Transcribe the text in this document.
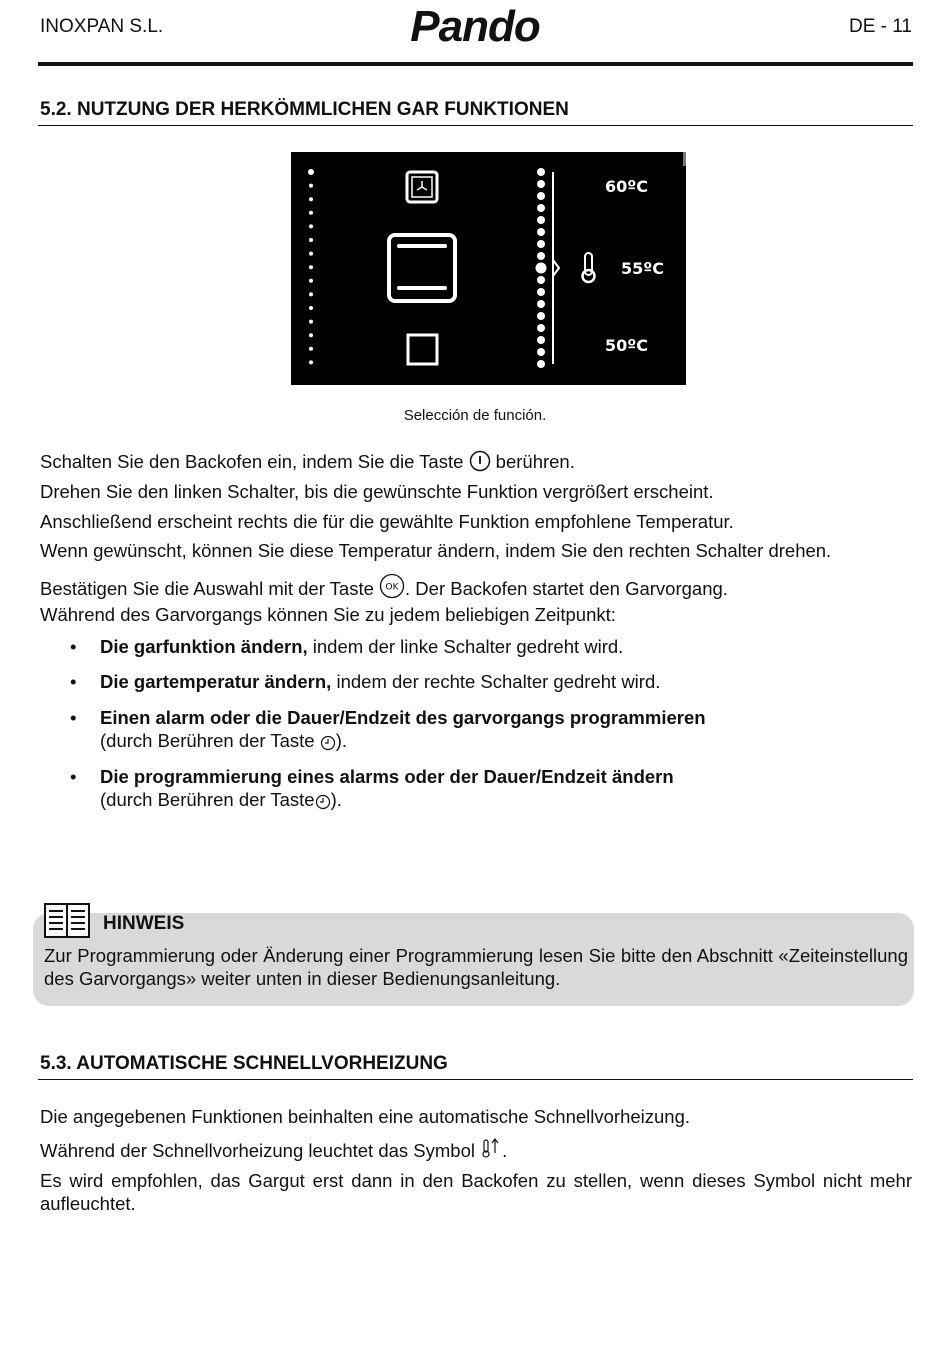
INOXPAN S.L.	Pando	DE - 11
5.2. NUTZUNG DER HERKÖMMLICHEN GAR FUNKTIONEN
60ºC
55ºC
50ºC
Selección de función.
Schalten Sie den Backofen ein, indem Sie die Taste berühren.
Drehen Sie den linken Schalter, bis die gewünschte Funktion vergrößert erscheint.
Anschließend erscheint rechts die für die gewählte Funktion empfohlene Temperatur.
Wenn gewünscht, können Sie diese Temperatur ändern, indem Sie den rechten Schalter drehen.
Bestätigen Sie die Auswahl mit der Taste OK . Der Backofen startet den Garvorgang.
Während des Garvorgangs können Sie zu jedem beliebigen Zeitpunkt:
• Die garfunktion ändern, indem der linke Schalter gedreht wird.
• Die gartemperatur ändern, indem der rechte Schalter gedreht wird.
• Einen alarm oder die Dauer/Endzeit des garvorgangs programmieren
(durch Berühren der Taste ).
• Die programmierung eines alarms oder der Dauer/Endzeit ändern
(durch Berühren der Taste ).
HINWEIS
Zur Programmierung oder Änderung einer Programmierung lesen Sie bitte den Abschnitt «Zeiteinstellung des Garvorgangs» weiter unten in dieser Bedienungsanleitung.
5.3. AUTOMATISCHE SCHNELLVORHEIZUNG
Die angegebenen Funktionen beinhalten eine automatische Schnellvorheizung.
Während der Schnellvorheizung leuchtet das Symbol .
Es wird empfohlen, das Gargut erst dann in den Backofen zu stellen, wenn dieses Symbol nicht mehr aufleuchtet.
